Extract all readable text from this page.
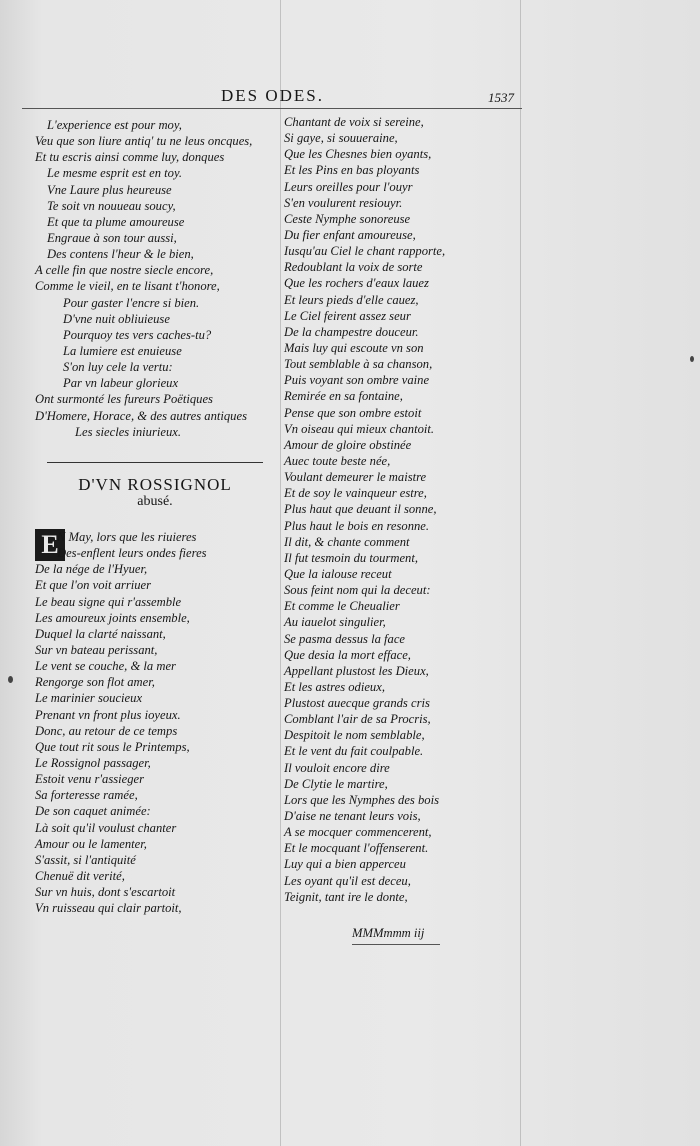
DES ODES.	1537
L'experience est pour moy,
Veu que son liure antiq' tu ne leus oncques,
Et tu escris ainsi comme luy, donques
Le mesme esprit est en toy.
Vne Laure plus heureuse
Te soit vn nouueau soucy,
Et que ta plume amoureuse
Engraue à son tour aussi,
Des contens l'heur & le bien,
A celle fin que nostre siecle encore,
Comme le vieil, en te lisant t'honore,
Pour gaster l'encre si bien.
D'vne nuit obliuieuse
Pourquoy tes vers caches-tu?
La lumiere est enuieuse
S'on luy cele la vertu:
Par vn labeur glorieux
Ont surmonté les fureurs Poëtiques
D'Homere, Horace, & des autres antiques
Les siecles iniurieux.
D'VN ROSSIGNOL
abusé.
E
N May, lors que les riuieres
Des-enflent leurs ondes fieres
De la nége de l'Hyuer,
Et que l'on voit arriuer
Le beau signe qui r'assemble
Les amoureux joints ensemble,
Duquel la clarté naissant,
Sur vn bateau perissant,
Le vent se couche, & la mer
Rengorge son flot amer,
Le marinier soucieux
Prenant vn front plus ioyeux.
Donc, au retour de ce temps
Que tout rit sous le Printemps,
Le Rossignol passager,
Estoit venu r'assieger
Sa forteresse ramée,
De son caquet animée:
Là soit qu'il voulust chanter
Amour ou le lamenter,
S'assit, si l'antiquité
Chenuë dit verité,
Sur vn huis, dont s'escartoit
Vn ruisseau qui clair partoit,
Chantant de voix si sereine,
Si gaye, si souueraine,
Que les Chesnes bien oyants,
Et les Pins en bas ployants
Leurs oreilles pour l'ouyr
S'en voulurent resiouyr.
Ceste Nymphe sonoreuse
Du fier enfant amoureuse,
Iusqu'au Ciel le chant rapporte,
Redoublant la voix de sorte
Que les rochers d'eaux lauez
Et leurs pieds d'elle cauez,
Le Ciel feirent assez seur
De la champestre douceur.
Mais luy qui escoute vn son
Tout semblable à sa chanson,
Puis voyant son ombre vaine
Remirée en sa fontaine,
Pense que son ombre estoit
Vn oiseau qui mieux chantoit.
Amour de gloire obstinée
Auec toute beste née,
Voulant demeurer le maistre
Et de soy le vainqueur estre,
Plus haut que deuant il sonne,
Plus haut le bois en resonne.
Il dit, & chante comment
Il fut tesmoin du tourment,
Que la ialouse receut
Sous feint nom qui la deceut:
Et comme le Cheualier
Au iauelot singulier,
Se pasma dessus la face
Que desia la mort efface,
Appellant plustost les Dieux,
Et les astres odieux,
Plustost auecque grands cris
Comblant l'air de sa Procris,
Despitoit le nom semblable,
Et le vent du fait coulpable.
Il vouloit encore dire
De Clytie le martire,
Lors que les Nymphes des bois
D'aise ne tenant leurs vois,
A se mocquer commencerent,
Et le mocquant l'offenserent.
Luy qui a bien apperceu
Les oyant qu'il est deceu,
Teignit, tant ire le donte,
MMMmmm iij
